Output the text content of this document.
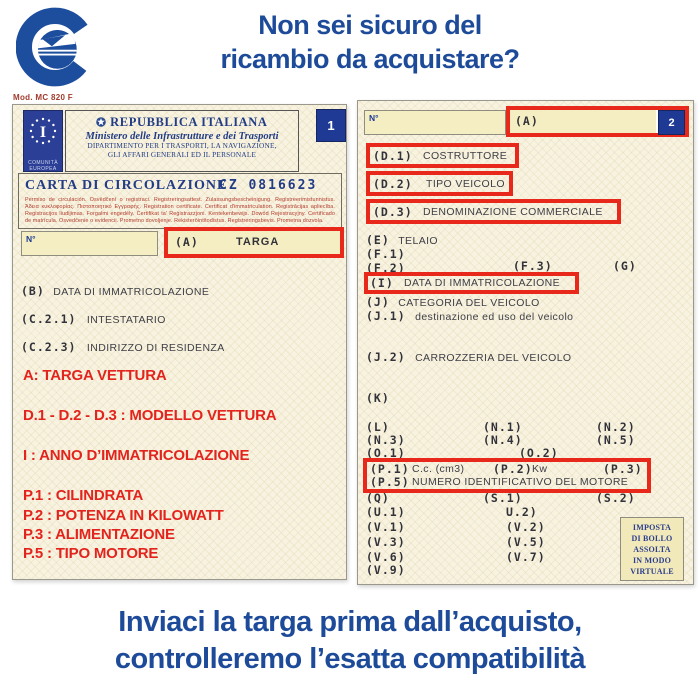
Non sei sicuro del
ricambio da acquistare?
Mod. MC 820 F
I
COMUNITÀ
EUROPEA
REPUBBLICA ITALIANA
Ministero delle Infrastrutture e dei Trasporti
DIPARTIMENTO PER I TRASPORTI, LA NAVIGAZIONE,
GLI AFFARI GENERALI ED IL PERSONALE
1
CARTA DI CIRCOLAZIONE
CZ 0816623
Permiso de circulación. Osvědčení o registraci. Registreringsattest. Zulassungsbescheinigung. Registreerimistunnistus. Άδεια κυκλοφορίας. Πιστοποιητικό Εγγραφής. Registration certificate. Certificat d'immatriculation. Registrācijas apliecība. Registracijos liudijimas. Forgalmi engedély. Ċertifikat ta' Reġistrazzjoni. Kentekenbewijs. Dowód Rejestracyjny. Certificado de matrícula. Osvedčenie o evidencii. Prometno dovoljenje. Rekisteröintitodistus. Registreringsbevis. Prometna dozvola.
N°	(A)	TARGA
(B) DATA DI IMMATRICOLAZIONE
(C.2.1) INTESTATARIO
(C.2.3) INDIRIZZO DI RESIDENZA
A: TARGA VETTURA
D.1 - D.2 - D.3 : MODELLO VETTURA
I : ANNO D’IMMATRICOLAZIONE
P.1 : CILINDRATA
P.2 : POTENZA IN KILOWATT
P.3 : ALIMENTAZIONE
P.5 : TIPO MOTORE
N°	(A)	2
(D.1) COSTRUTTORE
(D.2) TIPO VEICOLO
(D.3) DENOMINAZIONE COMMERCIALE
(E) TELAIO
(F.1)
(F.2)	(F.3)	(G)
(I) DATA DI IMMATRICOLAZIONE
(J) CATEGORIA DEL VEICOLO
(J.1) destinazione ed uso del veicolo
(J.2) CARROZZERIA DEL VEICOLO
(K)
(L)	(N.1)	(N.2)
(N.3)	(N.4)	(N.5)
(O.1)	(O.2)
(P.1) C.c. (cm3) (P.2) Kw	(P.3)
(P.5) NUMERO IDENTIFICATIVO DEL MOTORE
(Q)	(S.1)	(S.2)
(U.1)	U.2)
(V.1)	(V.2)
(V.3)	(V.5)
(V.6)	(V.7)
(V.9)
IMPOSTA
DI BOLLO
ASSOLTA
IN MODO
VIRTUALE
Inviaci la targa prima dall’acquisto,
controlleremo l’esatta compatibilità
